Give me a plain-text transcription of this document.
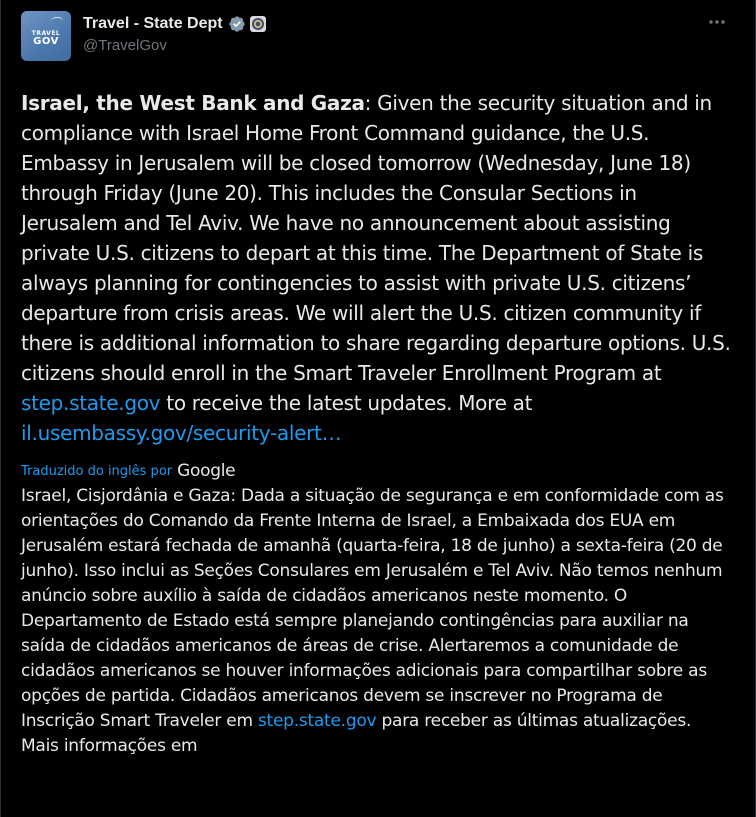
TRAVEL
GOV
Travel - State Dept
@TravelGov
Israel, the West Bank and Gaza: Given the security situation and in compliance with Israel Home Front Command guidance, the U.S. Embassy in Jerusalem will be closed tomorrow (Wednesday, June 18) through Friday (June 20). This includes the Consular Sections in Jerusalem and Tel Aviv. We have no announcement about assisting private U.S. citizens to depart at this time. The Department of State is always planning for contingencies to assist with private U.S. citizens’ departure from crisis areas. We will alert the U.S. citizen community if there is additional information to share regarding departure options. U.S. citizens should enroll in the Smart Traveler Enrollment Program at step.state.gov to receive the latest updates. More at
il.usembassy.gov/security-alert…
Traduzido do inglês por Google
Israel, Cisjordânia e Gaza: Dada a situação de segurança e em conformidade com as orientações do Comando da Frente Interna de Israel, a Embaixada dos EUA em Jerusalém estará fechada de amanhã (quarta-feira, 18 de junho) a sexta-feira (20 de junho). Isso inclui as Seções Consulares em Jerusalém e Tel Aviv. Não temos nenhum anúncio sobre auxílio à saída de cidadãos americanos neste momento. O Departamento de Estado está sempre planejando contingências para auxiliar na saída de cidadãos americanos de áreas de crise. Alertaremos a comunidade de cidadãos americanos se houver informações adicionais para compartilhar sobre as opções de partida. Cidadãos americanos devem se inscrever no Programa de Inscrição Smart Traveler em step.state.gov para receber as últimas atualizações. Mais informações em
